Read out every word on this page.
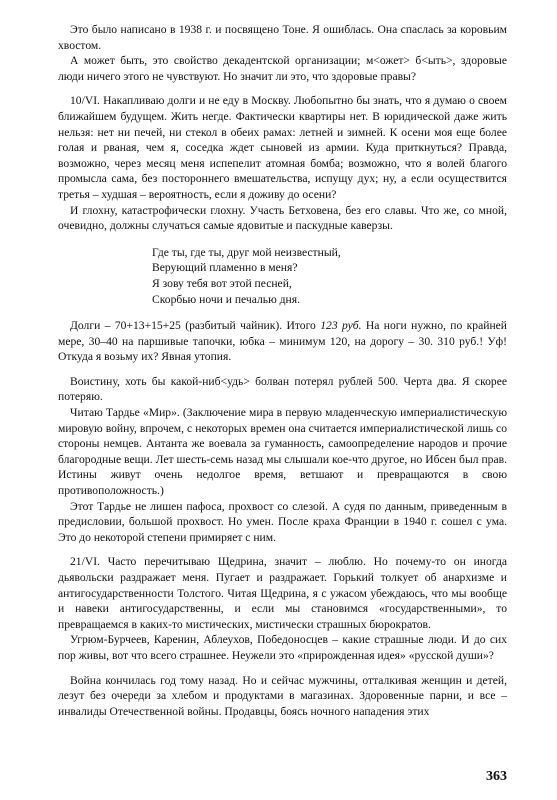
Это было написано в 1938 г. и посвящено Тоне. Я ошиблась. Она спаслась за коровьим хвостом.

А может быть, это свойство декадентской организации; м<ожет> б<ыть>, здоровые люди ничего этого не чувствуют. Но значит ли это, что здоровые правы?

10/VI. Накапливаю долги и не еду в Москву. Любопытно бы знать, что я думаю о своем ближайшем будущем. Жить негде. Фактически квартиры нет. В юридической даже жить нельзя: нет ни печей, ни стекол в обеих рамах: летней и зимней. К осени моя еще более голая и рваная, чем я, соседка ждет сыновей из армии. Куда приткнуться? Правда, возможно, через месяц меня испепелит атомная бомба; возможно, что я волей благого промысла сама, без постороннего вмешательства, испущу дух; ну, а если осуществится третья – худшая – вероятность, если я доживу до осени?

И глохну, катастрофически глохну. Участь Бетховена, без его славы. Что же, со мной, очевидно, должны случаться самые ядовитые и паскудные каверзы.

Где ты, где ты, друг мой неизвестный,
Верующий пламенно в меня?
Я зову тебя вот этой песней,
Скорбью ночи и печалью дня.

Долги – 70+13+15+25 (разбитый чайник). Итого 123 руб. На ноги нужно, по крайней мере, 30–40 на паршивые тапочки, юбка – минимум 120, на дорогу – 30. 310 руб.! Уф! Откуда я возьму их? Явная утопия.

Воистину, хоть бы какой-ниб<удь> болван потерял рублей 500. Черта два. Я скорее потеряю.

Читаю Тардье «Мир». (Заключение мира в первую младенческую империалистическую мировую войну, впрочем, с некоторых времен она считается империалистической лишь со стороны немцев. Антанта же воевала за гуманность, самоопределение народов и прочие благородные вещи. Лет шесть-семь назад мы слышали кое-что другое, но Ибсен был прав. Истины живут очень недолгое время, ветшают и превращаются в свою противоположность.)

Этот Тардье не лишен пафоса, прохвост со слезой. А судя по данным, приведенным в предисловии, большой прохвост. Но умен. После краха Франции в 1940 г. сошел с ума. Это до некоторой степени примиряет с ним.

21/VI. Часто перечитываю Щедрина, значит – люблю. Но почему-то он иногда дьявольски раздражает меня. Пугает и раздражает. Горький толкует об анархизме и антигосударственности Толстого. Читая Щедрина, я с ужасом убеждаюсь, что мы вообще и навеки антигосударственны, и если мы становимся «государственными», то превращаемся в каких-то мистических, мистически страшных бюрократов.

Угрюм-Бурчеев, Каренин, Аблеухов, Победоносцев – какие страшные люди. И до сих пор живы, вот что всего страшнее. Неужели это «прирожденная идея» «русской души»?

Война кончилась год тому назад. Но и сейчас мужчины, отталкивая женщин и детей, лезут без очереди за хлебом и продуктами в магазинах. Здоровенные парни, и все – инвалиды Отечественной войны. Продавцы, боясь ночного нападения этих

363
